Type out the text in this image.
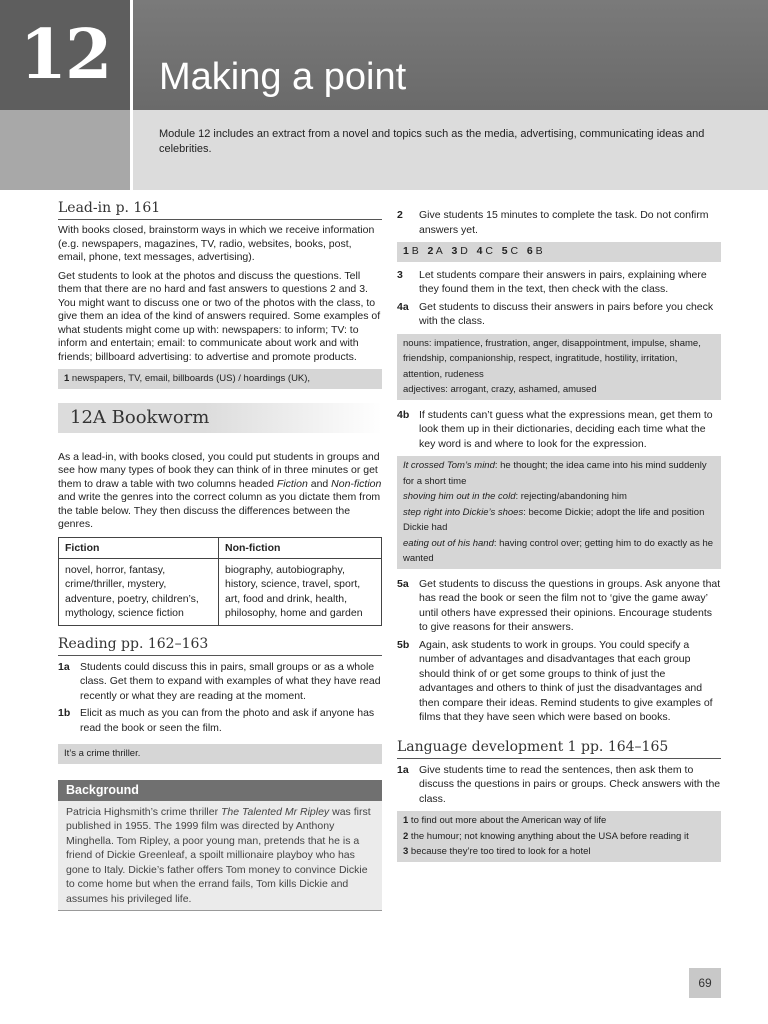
12 Making a point

Module 12 includes an extract from a novel and topics such as the media, advertising, communicating ideas and celebrities.

Lead-in p. 161

With books closed, brainstorm ways in which we receive information (e.g. newspapers, magazines, TV, radio, websites, books, post, email, phone, text messages, advertising).

Get students to look at the photos and discuss the questions. Tell them that there are no hard and fast answers to questions 2 and 3. You might want to discuss one or two of the photos with the class, to give them an idea of the kind of answers required. Some examples of what students might come up with: newspapers: to inform; TV: to inform and entertain; email: to communicate about work and with friends; billboard advertising: to advertise and promote products.

1 newspapers, TV, email, billboards (US) / hoardings (UK),
12A Bookworm

As a lead-in, with books closed, you could put students in groups and see how many types of book they can think of in three minutes or get them to draw a table with two columns headed Fiction and Non-fiction and write the genres into the correct column as you dictate them from the table below. They then discuss the differences between the genres.

Fiction	Non-fiction
novel, horror, fantasy, crime/thriller, mystery, adventure, poetry, children’s, mythology, science fiction	biography, autobiography, history, science, travel, sport, art, food and drink, health, philosophy, home and garden
Reading pp. 162–163
1a Students could discuss this in pairs, small groups or as a whole class. Get them to expand with examples of what they have read recently or what they are reading at the moment.
1b Elicit as much as you can from the photo and ask if anyone has read the book or seen the film.
It’s a crime thriller.
Background
Patricia Highsmith’s crime thriller The Talented Mr Ripley was first published in 1955. The 1999 film was directed by Anthony Minghella. Tom Ripley, a poor young man, pretends that he is a friend of Dickie Greenleaf, a spoilt millionaire playboy who has gone to Italy. Dickie’s father offers Tom money to convince Dickie to come home but when the errand fails, Tom kills Dickie and assumes his privileged life.
2	Give students 15 minutes to complete the task. Do not confirm answers yet.
1 B 2 A 3 D 4 C 5 C 6 B
3	Let students compare their answers in pairs, explaining where they found them in the text, then check with the class.
4a Get students to discuss their answers in pairs before you check with the class.
nouns: impatience, frustration, anger, disappointment, impulse, shame, friendship, companionship, respect, ingratitude, hostility, irritation, attention, rudeness
adjectives: arrogant, crazy, ashamed, amused
4b If students can’t guess what the expressions mean, get them to look them up in their dictionaries, deciding each time what the key word is and where to look for the expression.
It crossed Tom’s mind: he thought; the idea came into his mind suddenly for a short time
shoving him out in the cold: rejecting/abandoning him
step right into Dickie’s shoes: become Dickie; adopt the life and position Dickie had
eating out of his hand: having control over; getting him to do exactly as he wanted
5a Get students to discuss the questions in groups. Ask anyone that has read the book or seen the film not to ‘give the game away’ until others have expressed their opinions. Encourage students to give reasons for their answers.
5b Again, ask students to work in groups. You could specify a number of advantages and disadvantages that each group should think of or get some groups to think of just the advantages and others to think of just the disadvantages and then compare their ideas. Remind students to give examples of films that they have seen which were based on books.
Language development 1 pp. 164–165
1a Give students time to read the sentences, then ask them to discuss the questions in pairs or groups. Check answers with the class.
1 to find out more about the American way of life
2 the humour; not knowing anything about the USA before reading it
3 because they’re too tired to look for a hotel
69
